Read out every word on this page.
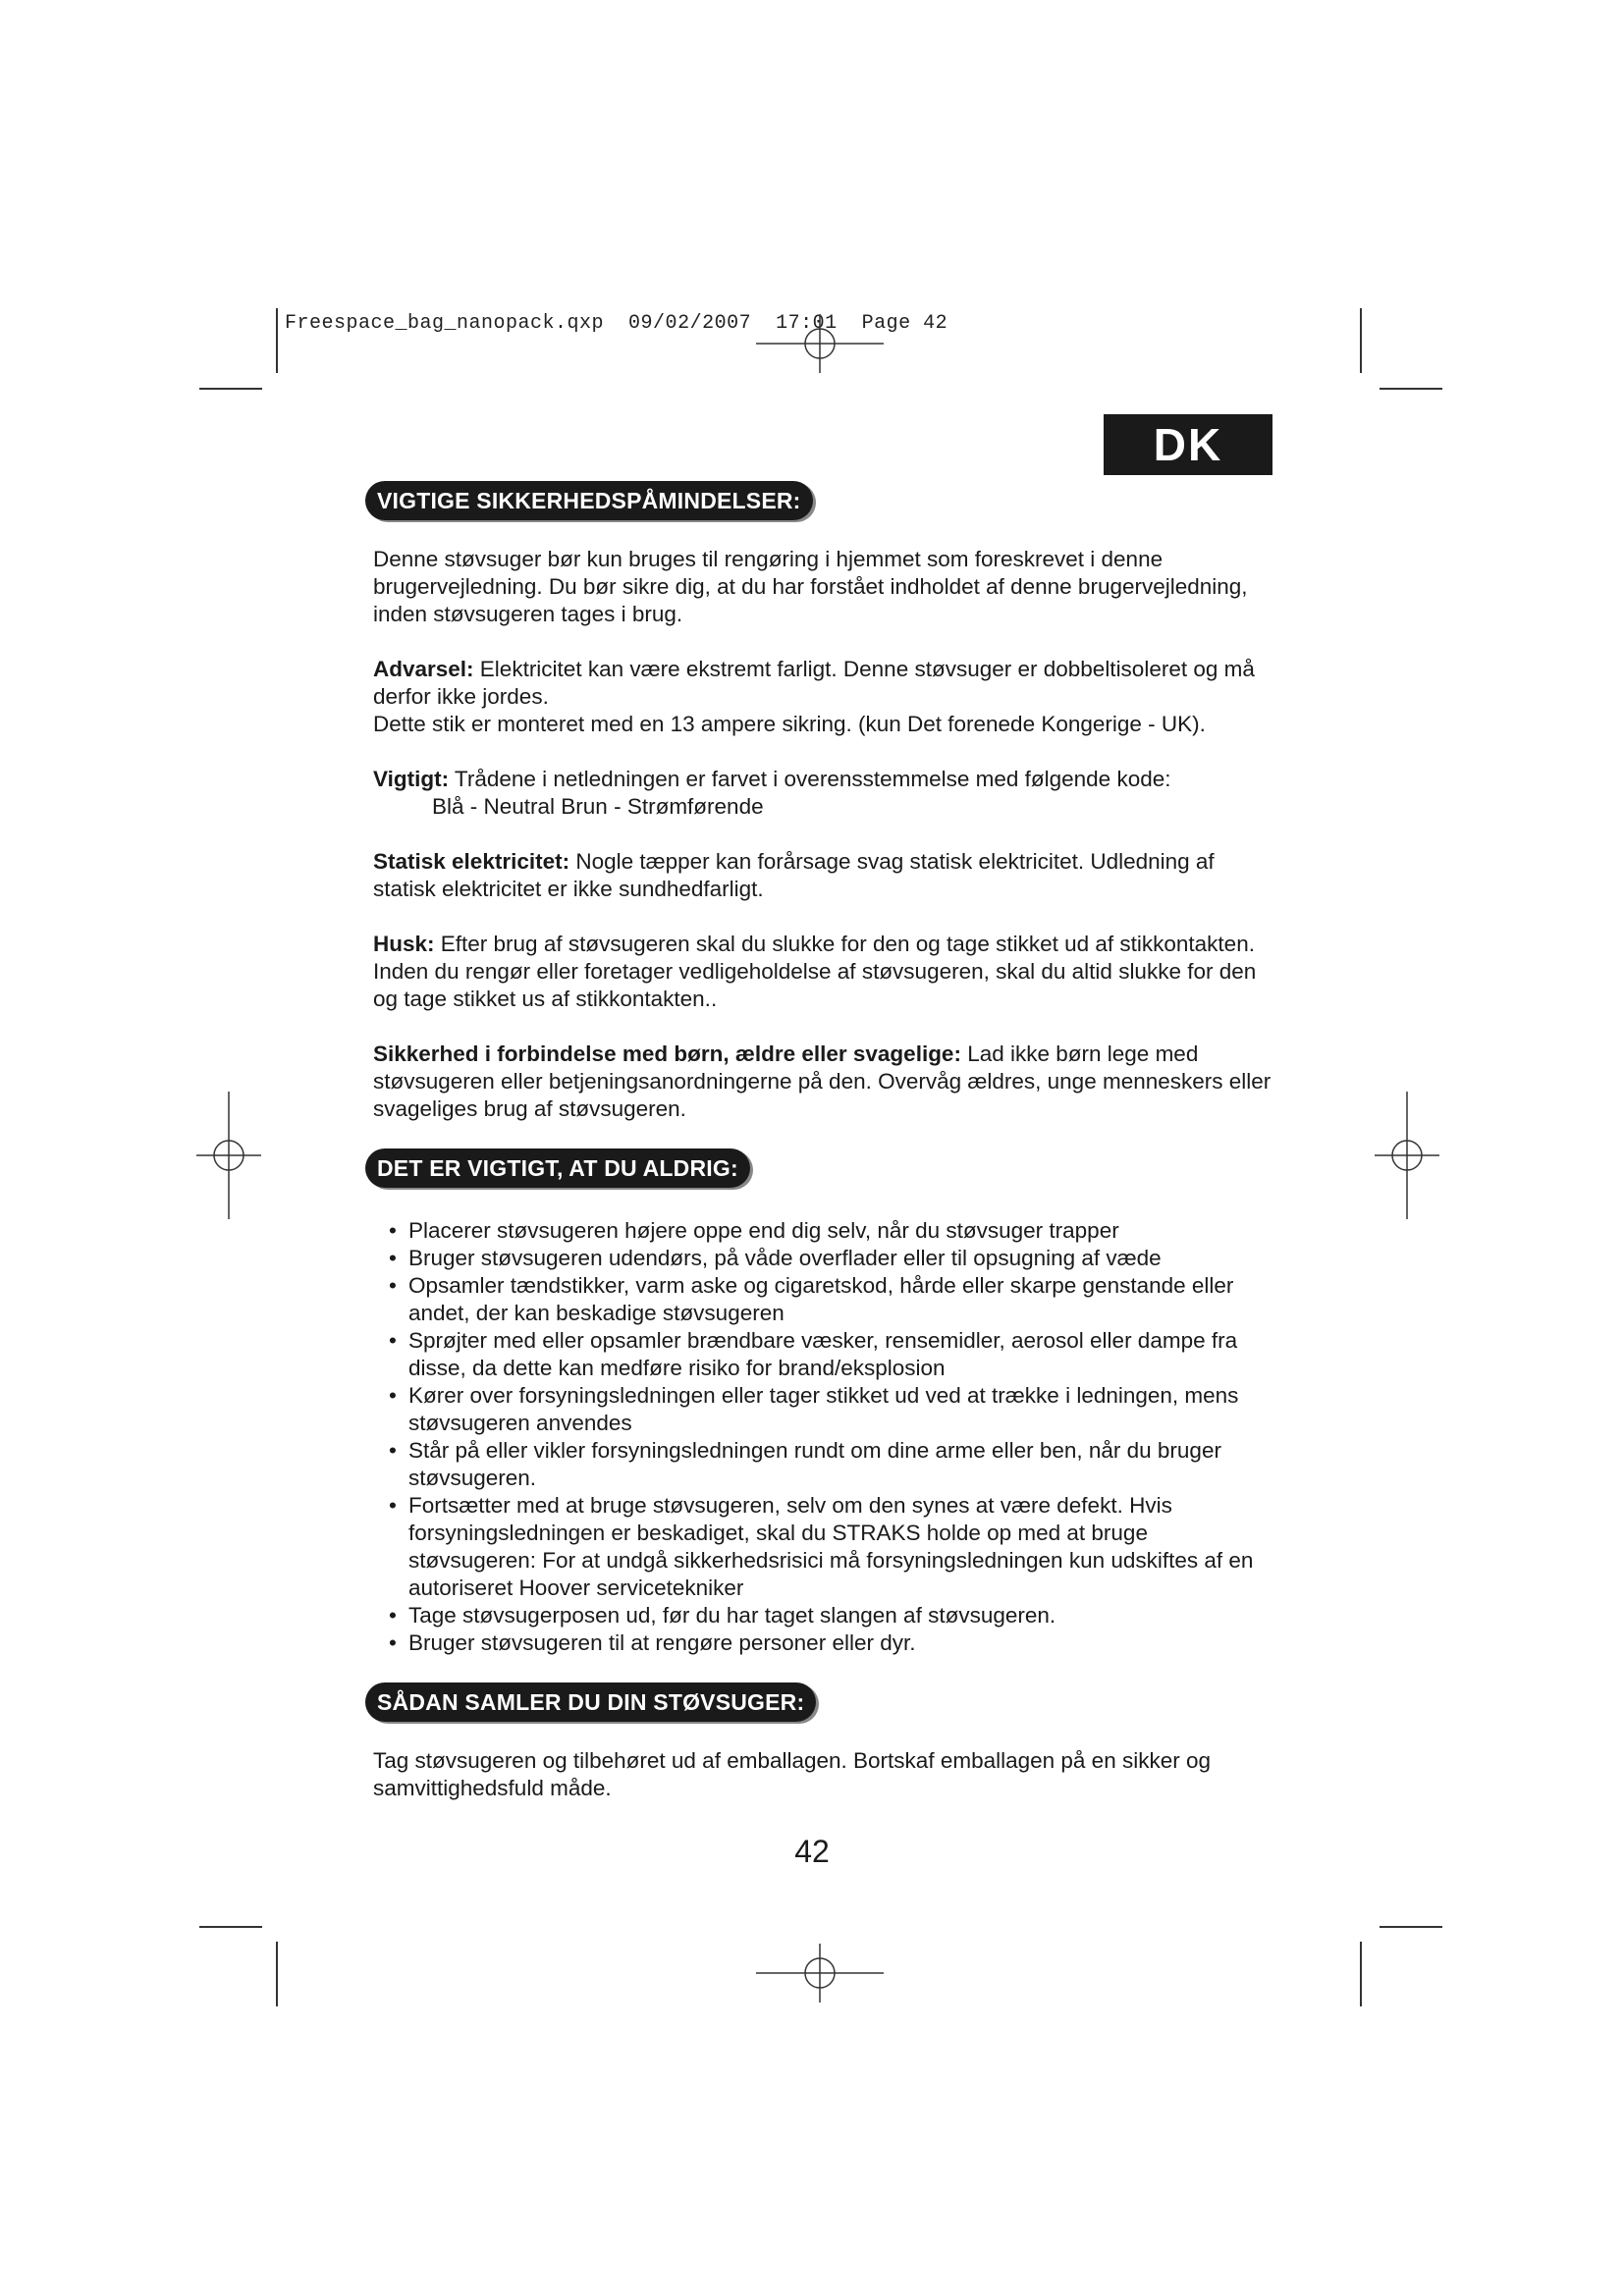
Freespace_bag_nanopack.qxp  09/02/2007  17:01  Page 42
DK
VIGTIGE SIKKERHEDSPÅMINDELSER:

Denne støvsuger bør kun bruges til rengøring i hjemmet som foreskrevet i denne brugervejledning. Du bør sikre dig, at du har forstået indholdet af denne brugervejledning, inden støvsugeren tages i brug.

Advarsel: Elektricitet kan være ekstremt farligt. Denne støvsuger er dobbeltisoleret og må derfor ikke jordes.

Dette stik er monteret med en 13 ampere sikring. (kun Det forenede Kongerige - UK).

Vigtigt: Trådene i netledningen er farvet i overensstemmelse med følgende kode:

Blå - Neutral Brun - Strømførende

Statisk elektricitet: Nogle tæpper kan forårsage svag statisk elektricitet. Udledning af statisk elektricitet er ikke sundhedfarligt.

Husk: Efter brug af støvsugeren skal du slukke for den og tage stikket ud af stikkontakten. Inden du rengør eller foretager vedligeholdelse af støvsugeren, skal du altid slukke for den og tage stikket us af stikkontakten..

Sikkerhed i forbindelse med børn, ældre eller svagelige: Lad ikke børn lege med støvsugeren eller betjeningsanordningerne på den. Overvåg ældres, unge menneskers eller svageliges brug af støvsugeren.

DET ER VIGTIGT, AT DU ALDRIG:
• Placerer støvsugeren højere oppe end dig selv, når du støvsuger trapper
• Bruger støvsugeren udendørs, på våde overflader eller til opsugning af væde
• Opsamler tændstikker, varm aske og cigaretskod, hårde eller skarpe genstande eller andet, der kan beskadige støvsugeren
• Sprøjter med eller opsamler brændbare væsker, rensemidler, aerosol eller dampe fra disse, da dette kan medføre risiko for brand/eksplosion
• Kører over forsyningsledningen eller tager stikket ud ved at trække i ledningen, mens støvsugeren anvendes
• Står på eller vikler forsyningsledningen rundt om dine arme eller ben, når du bruger støvsugeren.
• Fortsætter med at bruge støvsugeren, selv om den synes at være defekt. Hvis forsyningsledningen er beskadiget, skal du STRAKS holde op med at bruge støvsugeren: For at undgå sikkerhedsrisici må forsyningsledningen kun udskiftes af en autoriseret Hoover servicetekniker
• Tage støvsugerposen ud, før du har taget slangen af støvsugeren.
• Bruger støvsugeren til at rengøre personer eller dyr.
SÅDAN SAMLER DU DIN STØVSUGER:

Tag støvsugeren og tilbehøret ud af emballagen. Bortskaf emballagen på en sikker og samvittighedsfuld måde.

42
